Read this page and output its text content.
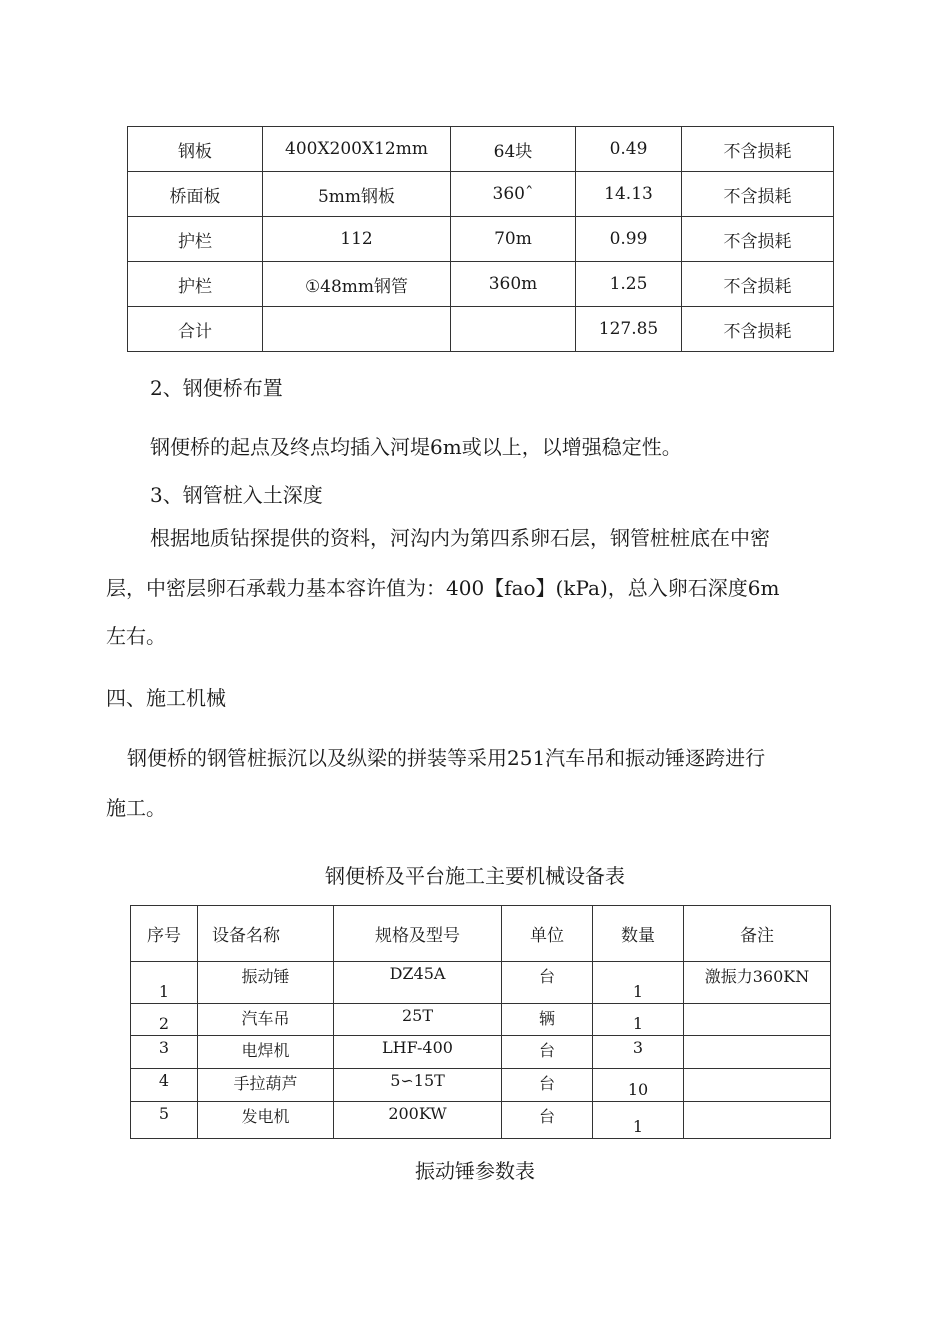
钢板	400X200X12mm	64块	0.49	不含损耗
桥面板	5mm钢板	360ˆ	14.13	不含损耗
护栏	112	70m	0.99	不含损耗
护栏	①48mm钢管	360m	1.25	不含损耗
合计			127.85	不含损耗
2、钢便桥布置
钢便桥的起点及终点均插入河堤6m或以上，以增强稳定性。
3、钢管桩入土深度
根据地质钻探提供的资料，河沟内为第四系卵石层，钢管桩桩底在中密
层，中密层卵石承载力基本容许值为：400【fao】(kPa)，总入卵石深度6m
左右。
四、施工机械
钢便桥的钢管桩振沉以及纵梁的拼装等采用251汽车吊和振动锤逐跨进行
施工。
钢便桥及平台施工主要机械设备表
序号	设备名称	规格及型号	单位	数量	备注
1	振动锤	DZ45A	台	1	激振力360KN
2	汽车吊	25T	辆	1	
3	电焊机	LHF-400	台	3	
4	手拉葫芦	5∽15T	台	10	
5	发电机	200KW	台	1	
振动锤参数表
